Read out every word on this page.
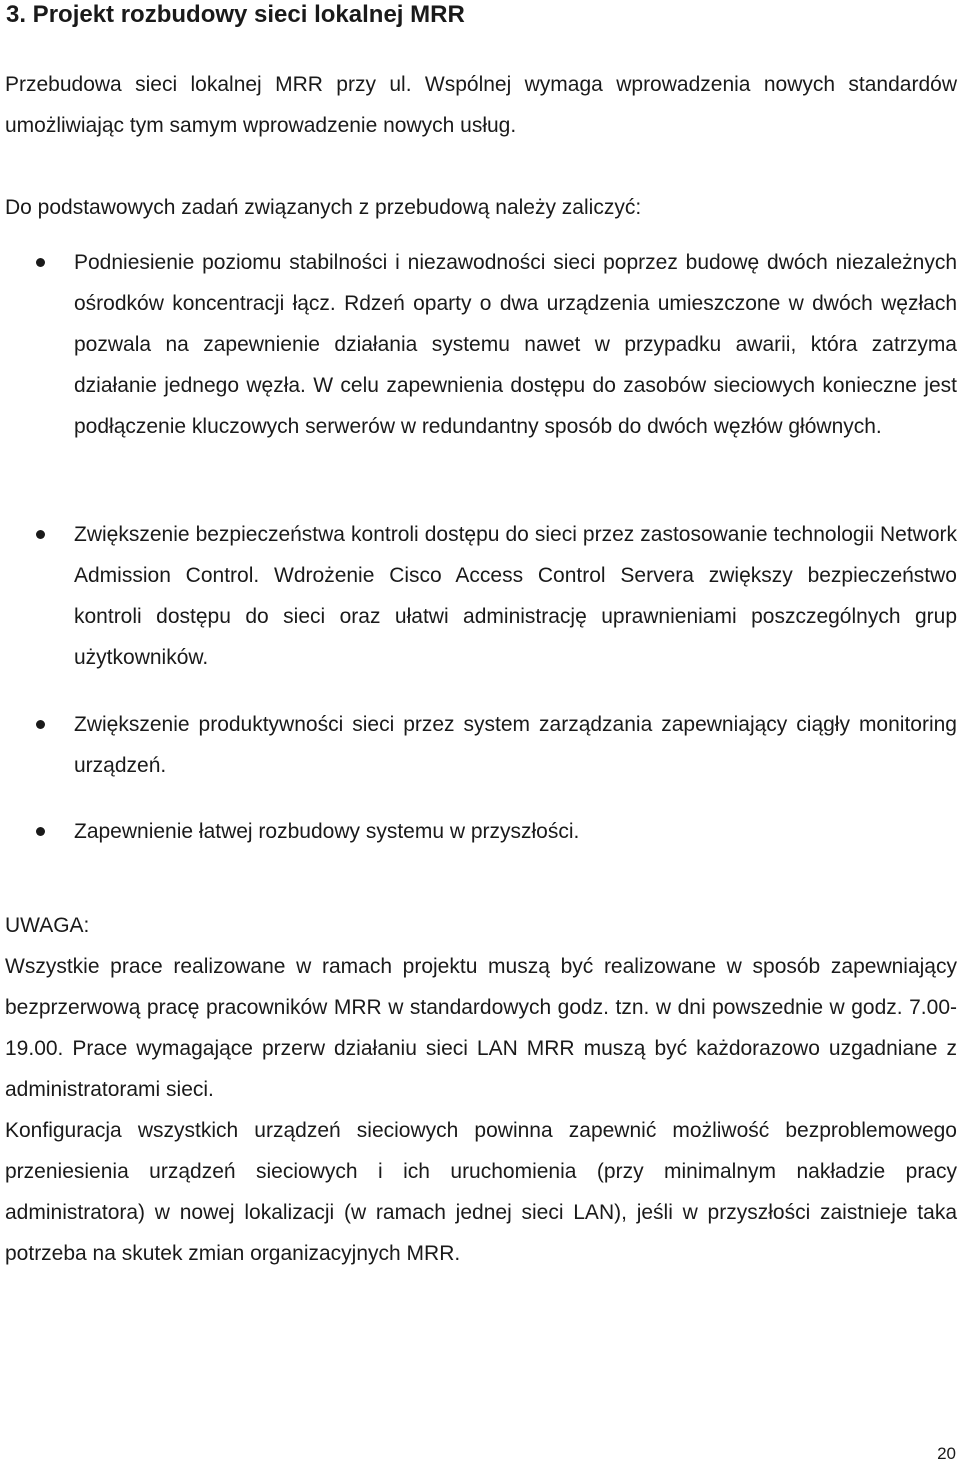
3. Projekt rozbudowy sieci lokalnej MRR

Przebudowa sieci lokalnej MRR przy ul. Wspólnej wymaga wprowadzenia nowych standardów umożliwiając tym samym wprowadzenie nowych usług.

Do podstawowych zadań związanych z przebudową należy zaliczyć:

Podniesienie poziomu stabilności i niezawodności sieci poprzez budowę dwóch niezależnych ośrodków koncentracji łącz. Rdzeń oparty o dwa urządzenia umieszczone w dwóch węzłach pozwala na zapewnienie działania systemu nawet w przypadku awarii, która zatrzyma działanie jednego węzła. W celu zapewnienia dostępu do zasobów sieciowych konieczne jest podłączenie kluczowych serwerów w redundantny sposób do dwóch węzłów głównych.

Zwiększenie bezpieczeństwa kontroli dostępu do sieci przez zastosowanie technologii Network Admission Control. Wdrożenie Cisco Access Control Servera zwiększy bezpieczeństwo kontroli dostępu do sieci oraz ułatwi administrację uprawnieniami poszczególnych grup użytkowników.

Zwiększenie produktywności sieci przez system zarządzania zapewniający ciągły monitoring urządzeń.

Zapewnienie łatwej rozbudowy systemu w przyszłości.

UWAGA:

Wszystkie prace realizowane w ramach projektu muszą być realizowane w sposób zapewniający bezprzerwową pracę pracowników MRR w standardowych godz. tzn. w dni powszednie w godz. 7.00-19.00. Prace wymagające przerw działaniu sieci LAN MRR muszą być każdorazowo uzgadniane z administratorami sieci.

Konfiguracja wszystkich urządzeń sieciowych powinna zapewnić możliwość bezproblemowego przeniesienia urządzeń sieciowych i ich uruchomienia (przy minimalnym nakładzie pracy administratora) w nowej lokalizacji (w ramach jednej sieci LAN), jeśli w przyszłości zaistnieje taka potrzeba na skutek zmian organizacyjnych MRR.

20
